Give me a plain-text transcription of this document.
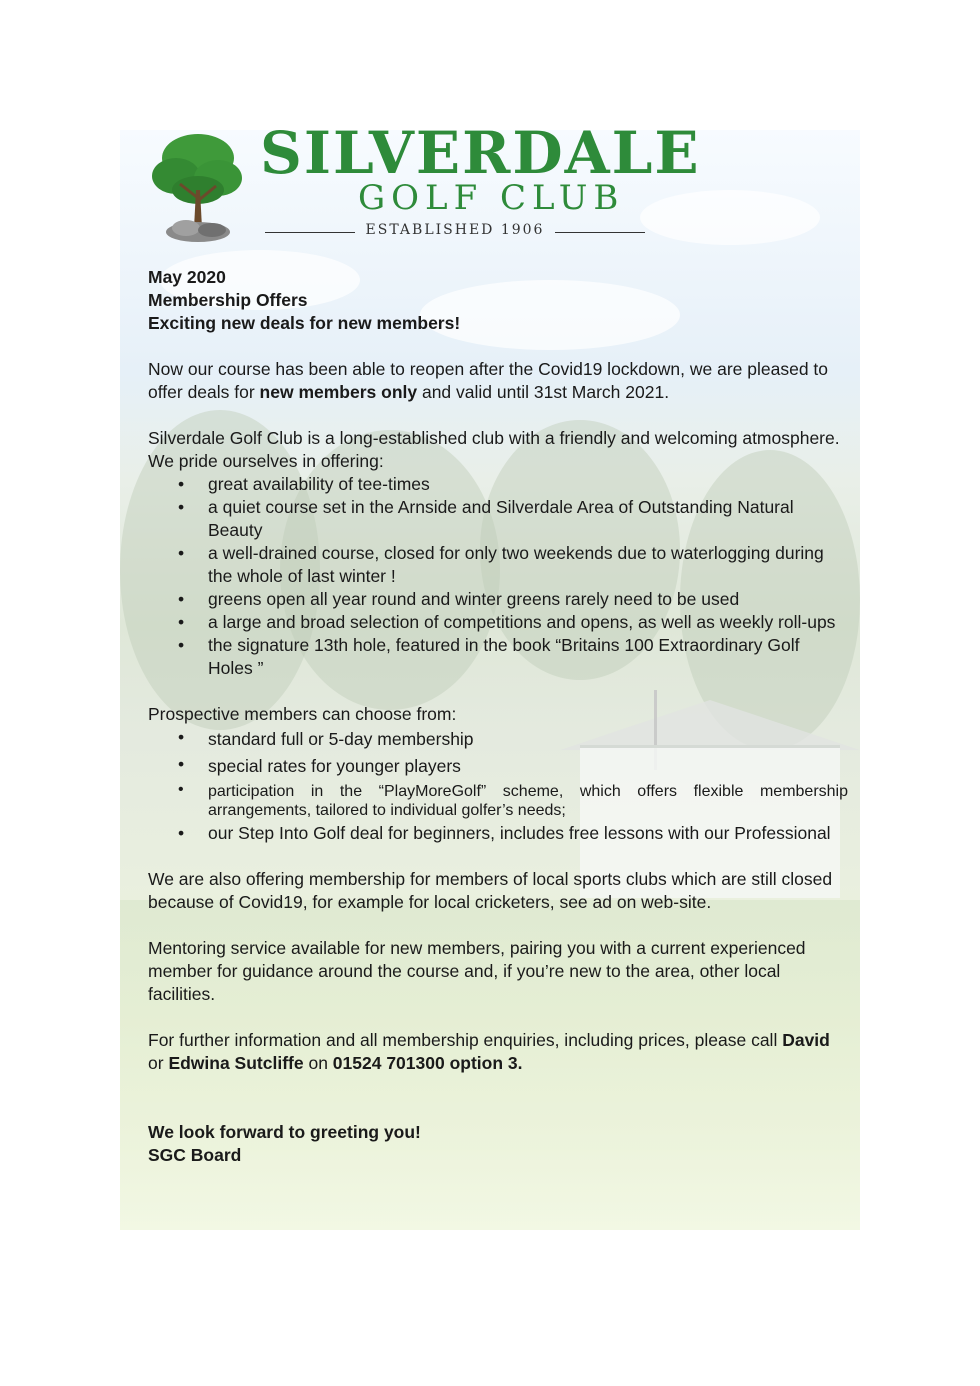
SILVERDALE
GOLF CLUB
ESTABLISHED 1906

May 2020

Membership Offers

Exciting new deals for new members!

Now our course has been able to reopen after the Covid19 lockdown, we are pleased to offer deals for new members only and valid until 31st March 2021.

Silverdale Golf Club is a long-established club with a friendly and welcoming atmosphere. We pride ourselves in offering:

• great availability of tee-times
• a quiet course set in the Arnside and Silverdale Area of Outstanding Natural Beauty
• a well-drained course, closed for only two weekends due to waterlogging during the whole of last winter !
• greens open all year round and winter greens rarely need to be used
• a large and broad selection of competitions and opens, as well as weekly roll-ups
• the signature 13th hole, featured in the book “Britains 100 Extraordinary Golf Holes ”

Prospective members can choose from:

• standard full or 5-day membership
• special rates for younger players
• participation in the “PlayMoreGolf” scheme, which offers flexible membership arrangements, tailored to individual golfer’s needs;
• our Step Into Golf deal for beginners, includes free lessons with our Professional

We are also offering membership for members of local sports clubs which are still closed because of Covid19, for example for local cricketers, see ad on web-site.

Mentoring service available for new members, pairing you with a current experienced member for guidance around the course and, if you’re new to the area, other local facilities.

For further information and all membership enquiries, including prices, please call David or Edwina Sutcliffe on 01524 701300 option 3.

We look forward to greeting you!

SGC Board
